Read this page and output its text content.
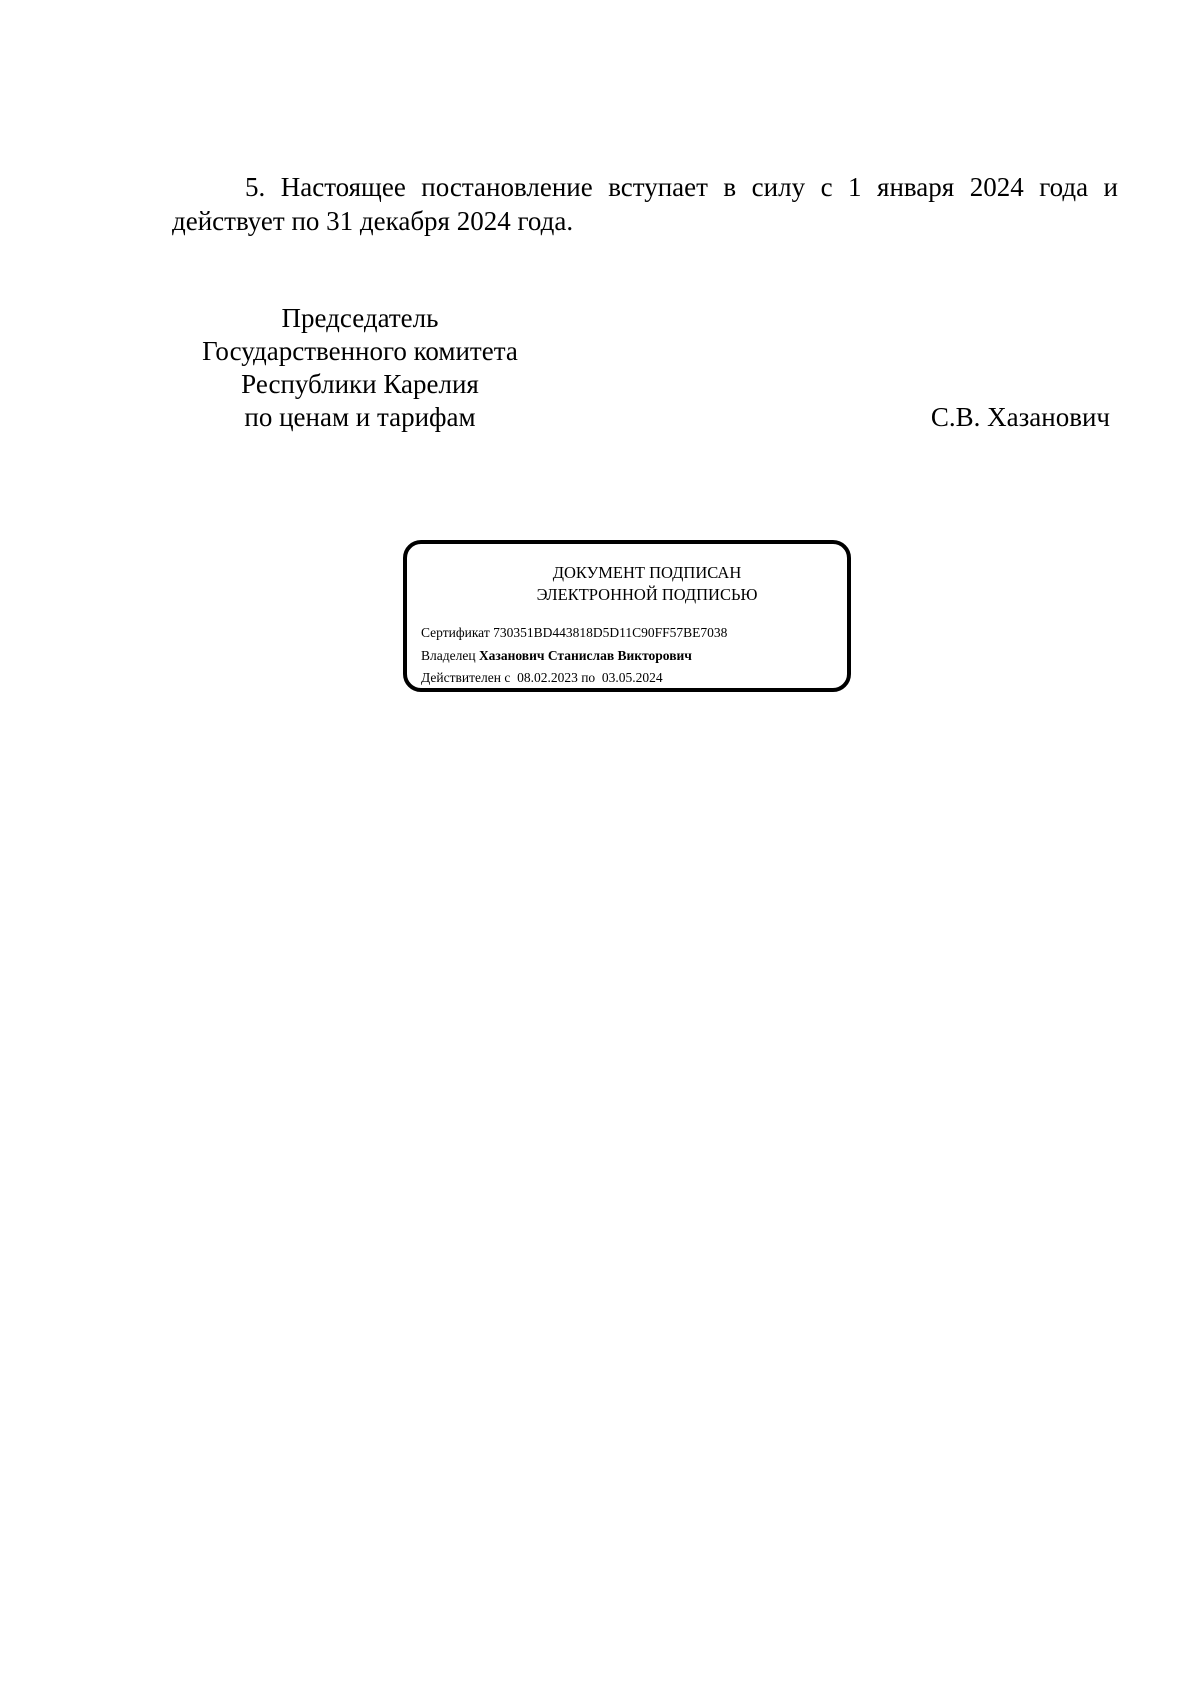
5. Настоящее постановление вступает в силу с 1 января 2024 года и действует по 31 декабря 2024 года.

Председатель
Государственного комитета
Республики Карелия
по ценам и тарифам	С.В. Хазанович
ДОКУМЕНТ ПОДПИСАН
ЭЛЕКТРОННОЙ ПОДПИСЬЮ
Сертификат 730351BD443818D5D11C90FF57BE7038
Владелец Хазанович Станислав Викторович
Действителен с 08.02.2023 по 03.05.2024
